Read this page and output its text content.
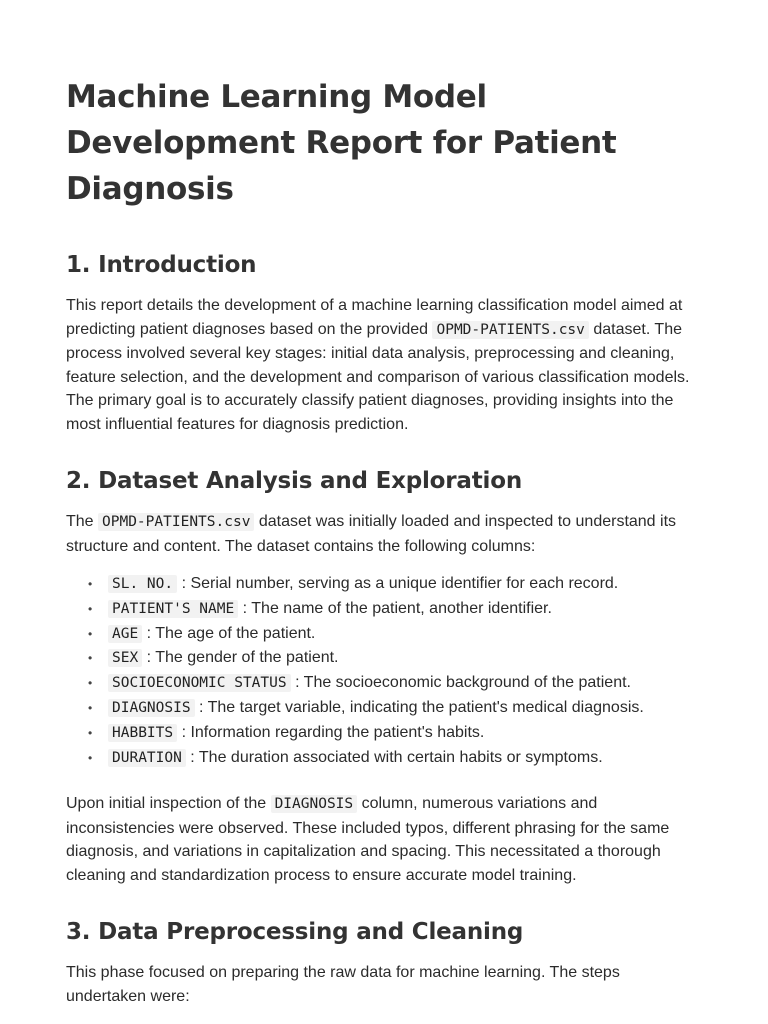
Machine Learning Model Development Report for Patient Diagnosis
1. Introduction

This report details the development of a machine learning classification model aimed at predicting patient diagnoses based on the provided OPMD-PATIENTS.csv dataset. The process involved several key stages: initial data analysis, preprocessing and cleaning, feature selection, and the development and comparison of various classification models. The primary goal is to accurately classify patient diagnoses, providing insights into the most influential features for diagnosis prediction.

2. Dataset Analysis and Exploration

The OPMD-PATIENTS.csv dataset was initially loaded and inspected to understand its structure and content. The dataset contains the following columns:

• SL. NO. : Serial number, serving as a unique identifier for each record.
• PATIENT'S NAME : The name of the patient, another identifier.
• AGE : The age of the patient.
• SEX : The gender of the patient.
• SOCIOECONOMIC STATUS : The socioeconomic background of the patient.
• DIAGNOSIS : The target variable, indicating the patient's medical diagnosis.
• HABBITS : Information regarding the patient's habits.
• DURATION : The duration associated with certain habits or symptoms.

Upon initial inspection of the DIAGNOSIS column, numerous variations and inconsistencies were observed. These included typos, different phrasing for the same diagnosis, and variations in capitalization and spacing. This necessitated a thorough cleaning and standardization process to ensure accurate model training.

3. Data Preprocessing and Cleaning

This phase focused on preparing the raw data for machine learning. The steps undertaken were:
